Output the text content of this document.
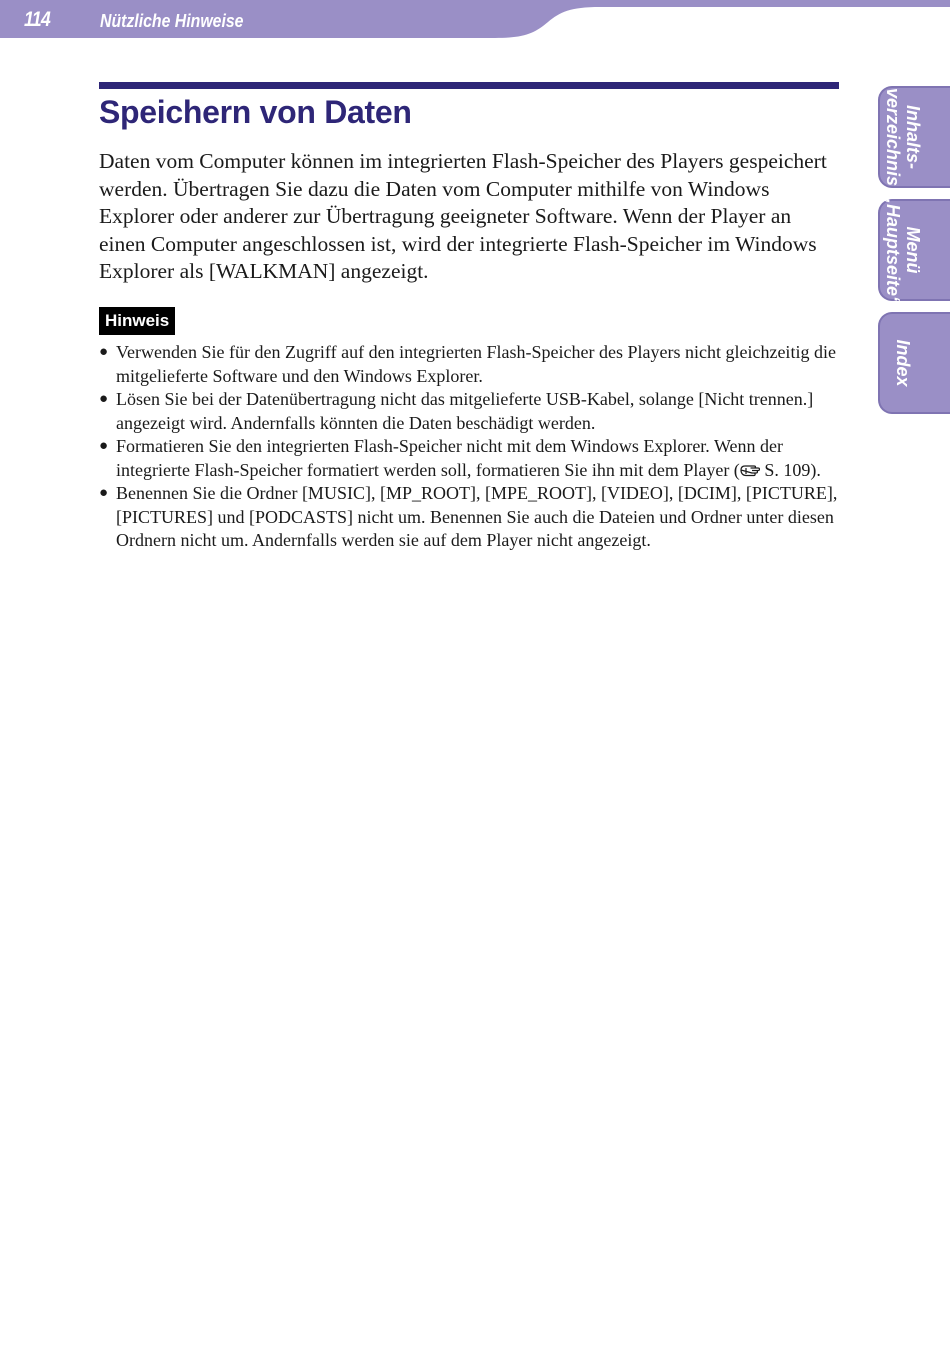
114	Nützliche Hinweise
Inhalts-
verzeichnis
Menü
„Hauptseite“
Index
Speichern von Daten

Daten vom Computer können im integrierten Flash-Speicher des Players gespeichert werden. Übertragen Sie dazu die Daten vom Computer mithilfe von Windows Explorer oder anderer zur Übertragung geeigneter Software. Wenn der Player an einen Computer angeschlossen ist, wird der integrierte Flash-Speicher im Windows Explorer als [WALKMAN] angezeigt.

Hinweis
● Verwenden Sie für den Zugriff auf den integrierten Flash-Speicher des Players nicht gleichzeitig die mitgelieferte Software und den Windows Explorer.
● Lösen Sie bei der Datenübertragung nicht das mitgelieferte USB-Kabel, solange [Nicht trennen.] angezeigt wird. Andernfalls könnten die Daten beschädigt werden.
● Formatieren Sie den integrierten Flash-Speicher nicht mit dem Windows Explorer. Wenn der integrierte Flash-Speicher formatiert werden soll, formatieren Sie ihn mit dem Player ( S. 109).
● Benennen Sie die Ordner [MUSIC], [MP_ROOT], [MPE_ROOT], [VIDEO], [DCIM], [PICTURE], [PICTURES] und [PODCASTS] nicht um. Benennen Sie auch die Dateien und Ordner unter diesen Ordnern nicht um. Andernfalls werden sie auf dem Player nicht angezeigt.
